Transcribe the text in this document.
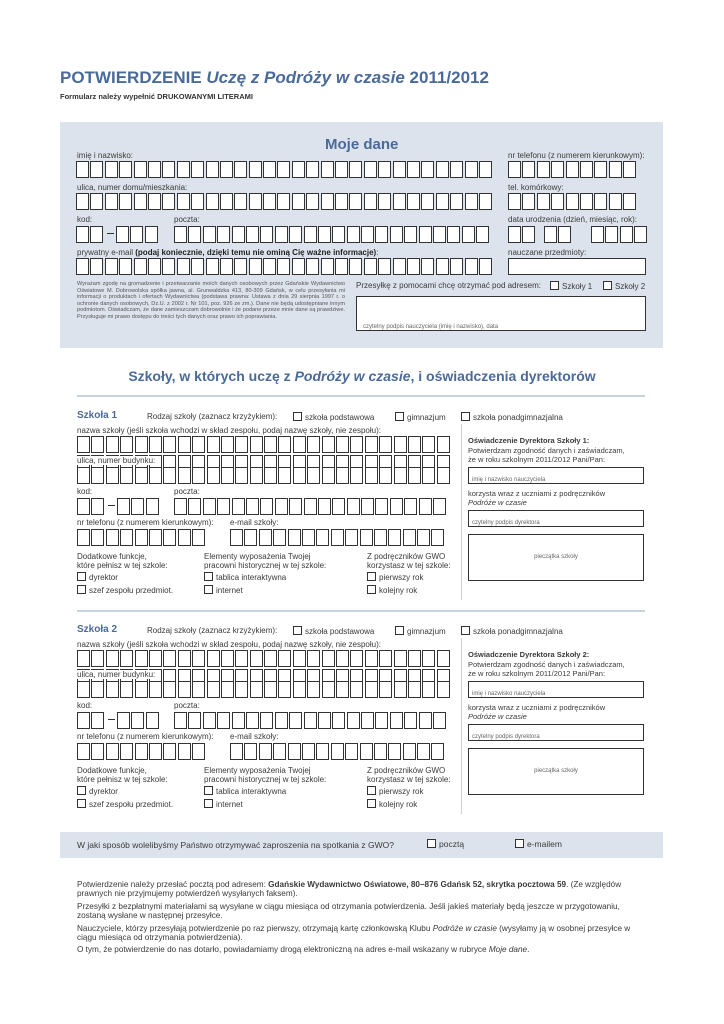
POTWIERDZENIE Uczę z Podróży w czasie 2011/2012
Formularz należy wypełnić DRUKOWANYMI LITERAMI
Moje dane
imię i nazwisko:	nr telefonu (z numerem kierunkowym):
ulica, numer domu/mieszkania:	tel. komórkowy:
kod:	poczta:	data urodzenia (dzień, miesiąc, rok):
prywatny e-mail (podaj koniecznie, dzięki temu nie ominą Cię ważne informacje):	nauczane przedmioty:
Wyrażam zgodę na gromadzenie i przetwarzanie moich danych osobowych przez Gdańskie Wydawnictwo Oświatowe M. Dobrowolska spółka jawna, al. Grunwaldzka 413, 80-309 Gdańsk, w celu przesyłania mi informacji o produktach i ofertach Wydawnictwa (podstawa prawna: Ustawa z dnia 29 sierpnia 1997 r. o ochronie danych osobowych, Dz.U. z 2002 r. Nr 101, poz. 926 ze zm.). Dane nie będą udostępniane innym podmiotom. Oświadczam, że dane zamieszczam dobrowolnie i że podane przeze mnie dane są prawdziwe. Przysługuje mi prawo dostępu do treści tych danych oraz prawo ich poprawiania.
Przesyłkę z pomocami chcę otrzymać pod adresem:	Szkoły 1	Szkoły 2
czytelny podpis nauczyciela (imię i nazwisko), data
Szkoły, w których uczę z Podróży w czasie, i oświadczenia dyrektorów
Szkoła 1	Rodzaj szkoły (zaznacz krzyżykiem):	szkoła podstawowa	gimnazjum	szkoła ponadgimnazjalna
nazwa szkoły (jeśli szkoła wchodzi w skład zespołu, podaj nazwę szkoły, nie zespołu):
ulica, numer budynku:
kod:	poczta:
nr telefonu (z numerem kierunkowym): e-mail szkoły:
Dodatkowe funkcje,
które pełnisz w tej szkole:
dyrektor
szef zespołu przedmiot.
Elementy wyposażenia Twojej
pracowni historycznej w tej szkole:
tablica interaktywna
internet
Z podręczników GWO
korzystasz w tej szkole:
pierwszy rok
kolejny rok
Oświadczenie Dyrektora Szkoły 1:
Potwierdzam zgodność danych i zaświadczam,
że w roku szkolnym 2011/2012 Pani/Pan:
imię i nazwisko nauczyciela
korzysta wraz z uczniami z podręczników
Podróże w czasie
czytelny podpis dyrektora
pieczątka szkoły
Szkoła 2	Rodzaj szkoły (zaznacz krzyżykiem):	szkoła podstawowa	gimnazjum	szkoła ponadgimnazjalna
nazwa szkoły (jeśli szkoła wchodzi w skład zespołu, podaj nazwę szkoły, nie zespołu):
ulica, numer budynku:
kod:	poczta:
nr telefonu (z numerem kierunkowym): e-mail szkoły:
Dodatkowe funkcje,
które pełnisz w tej szkole:
dyrektor
szef zespołu przedmiot.
Elementy wyposażenia Twojej
pracowni historycznej w tej szkole:
tablica interaktywna
internet
Z podręczników GWO
korzystasz w tej szkole:
pierwszy rok
kolejny rok
Oświadczenie Dyrektora Szkoły 2:
Potwierdzam zgodność danych i zaświadczam,
że w roku szkolnym 2011/2012 Pani/Pan:
imię i nazwisko nauczyciela
korzysta wraz z uczniami z podręczników
Podróże w czasie
czytelny podpis dyrektora
pieczątka szkoły
W jaki sposób wolelibyśmy Państwo otrzymywać zaproszenia na spotkania z GWO?	pocztą	e-mailem

Potwierdzenie należy przesłać pocztą pod adresem: Gdańskie Wydawnictwo Oświatowe, 80–876 Gdańsk 52, skrytka pocztowa 59. (Ze względów prawnych nie przyjmujemy potwierdzeń wysyłanych faksem).

Przesyłki z bezpłatnymi materiałami są wysyłane w ciągu miesiąca od otrzymania potwierdzenia. Jeśli jakieś materiały będą jeszcze w przygotowaniu, zostaną wysłane w następnej przesyłce.

Nauczyciele, którzy przesyłają potwierdzenie po raz pierwszy, otrzymają kartę członkowską Klubu Podróże w czasie (wysyłamy ją w osobnej przesyłce w ciągu miesiąca od otrzymania potwierdzenia).

O tym, że potwierdzenie do nas dotarło, powiadamiamy drogą elektroniczną na adres e-mail wskazany w rubryce Moje dane.
